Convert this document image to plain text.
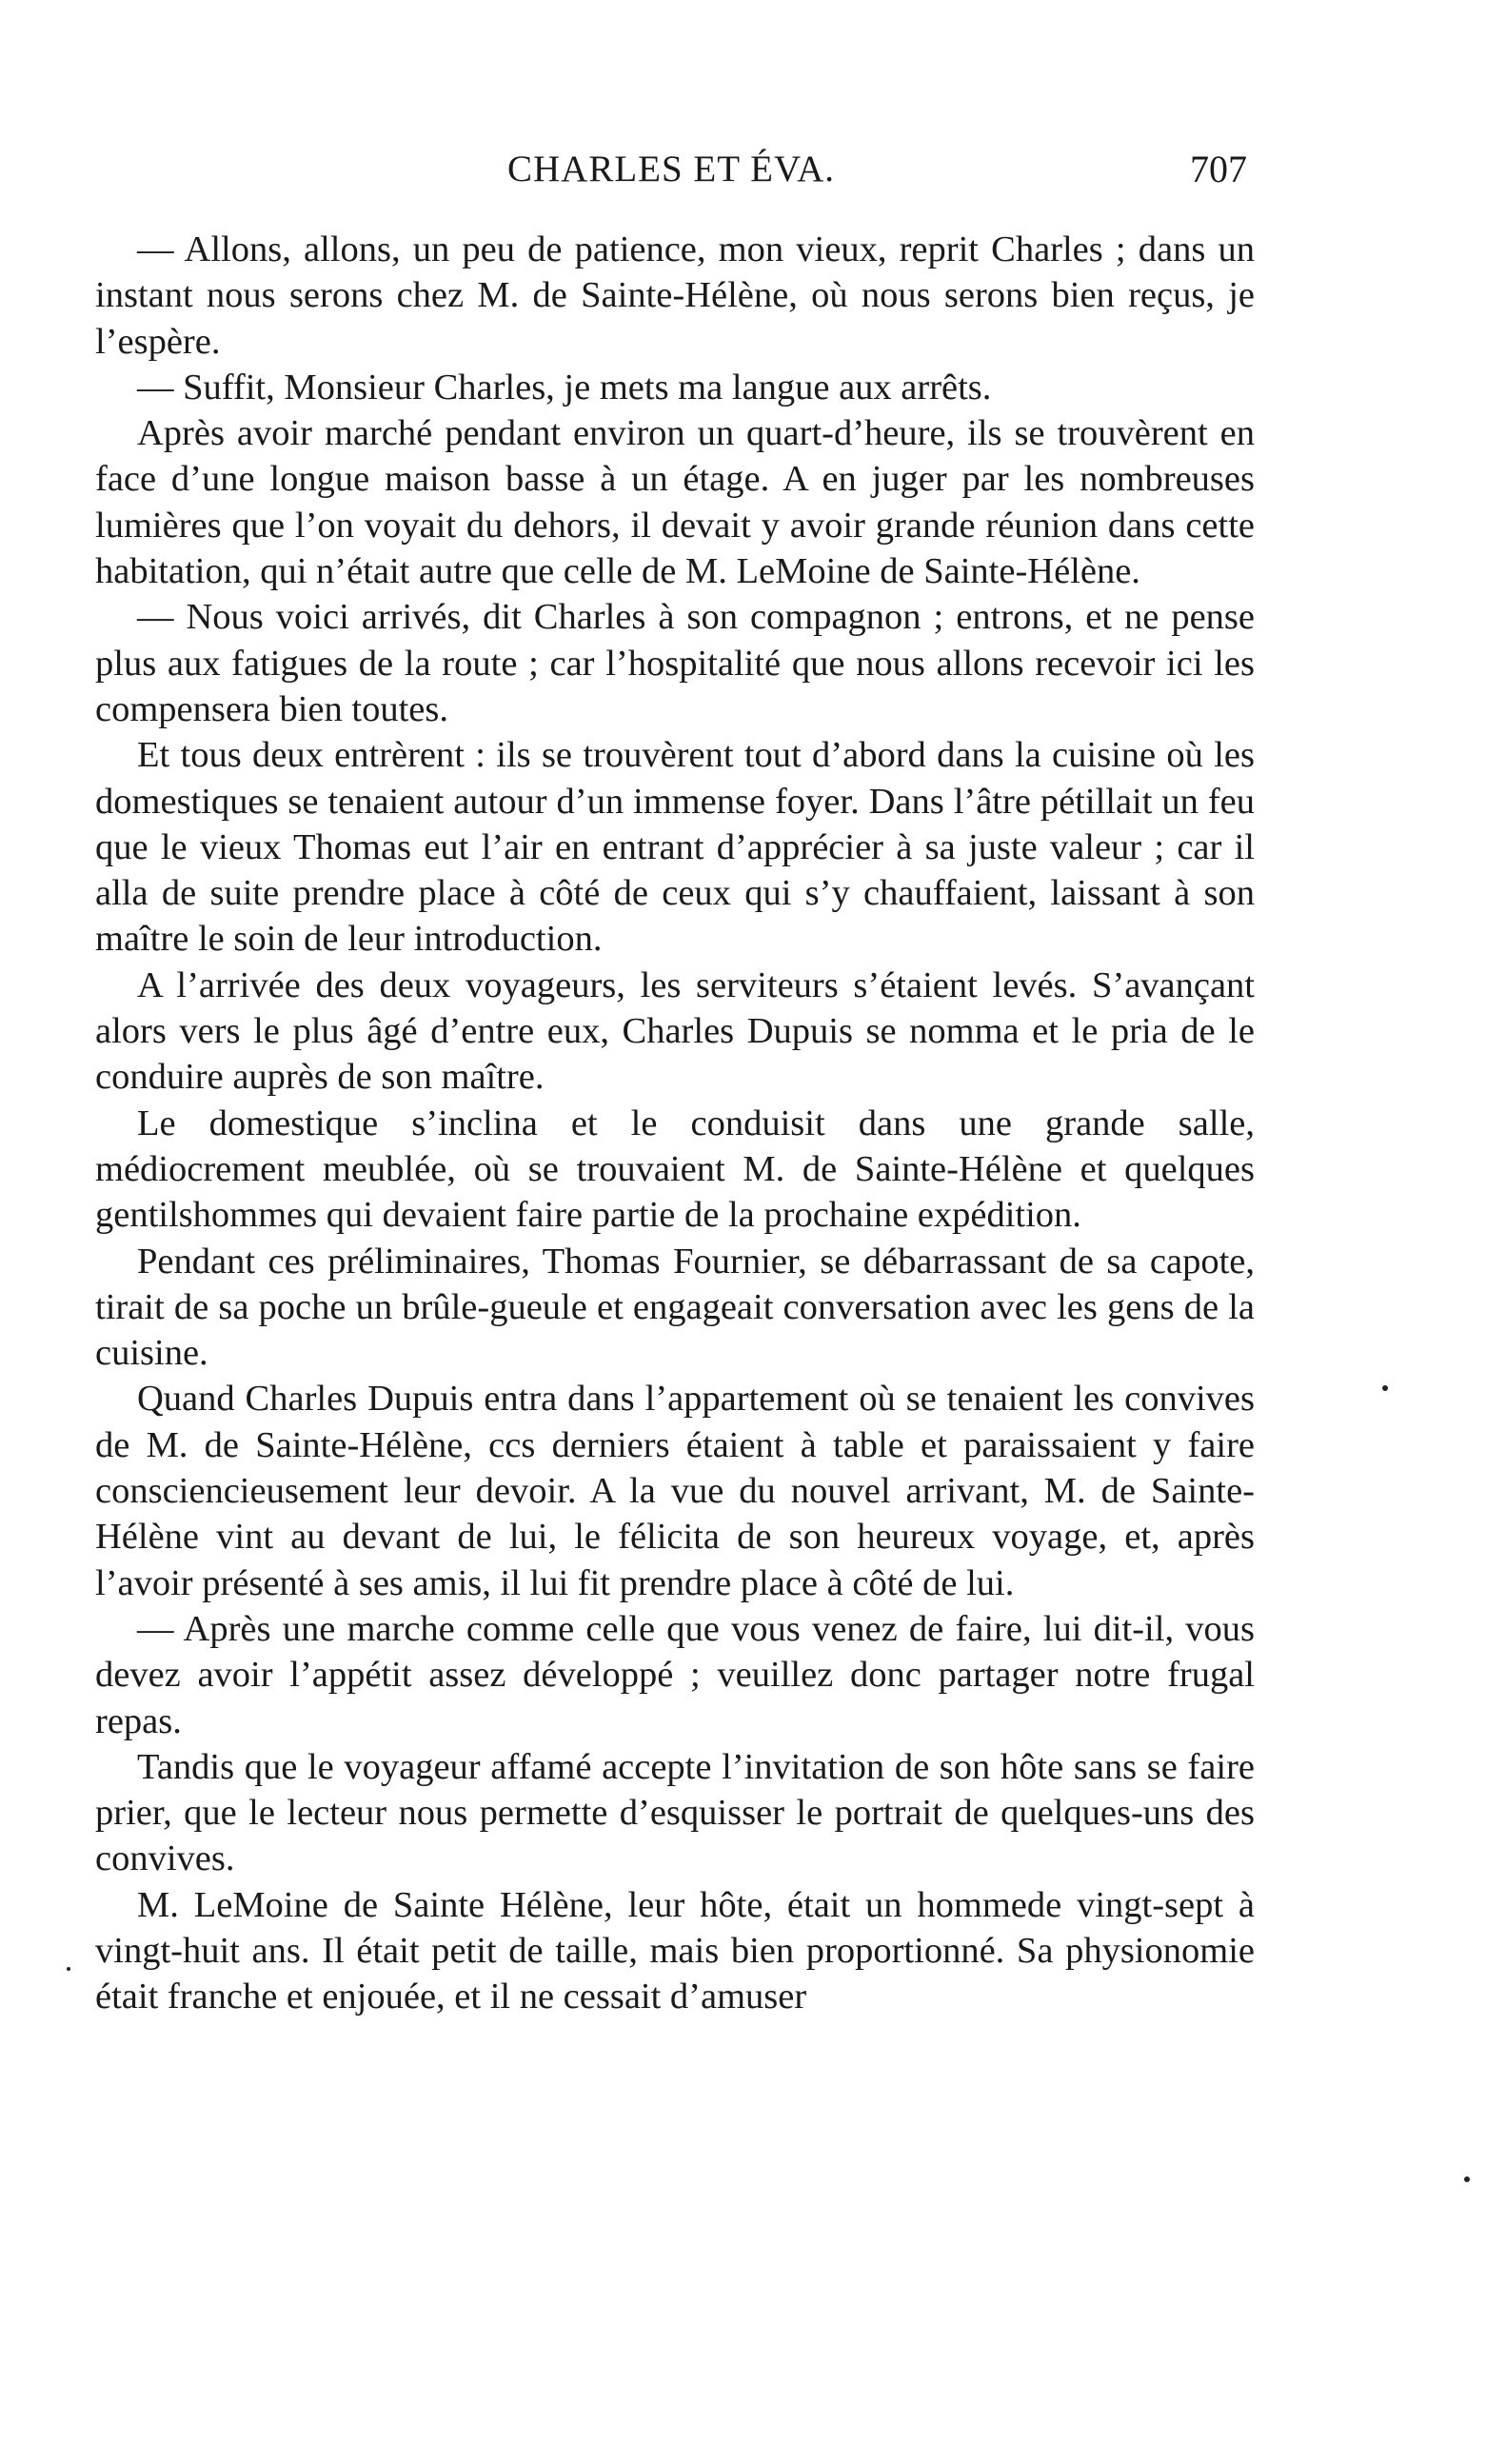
CHARLES ET ÉVA.	707

— Allons, allons, un peu de patience, mon vieux, reprit Charles ; dans un instant nous serons chez M. de Sainte-Hélène, où nous serons bien reçus, je l’espère.

— Suffit, Monsieur Charles, je mets ma langue aux arrêts.

Après avoir marché pendant environ un quart-d’heure, ils se trouvèrent en face d’une longue maison basse à un étage. A en juger par les nombreuses lumières que l’on voyait du dehors, il devait y avoir grande réunion dans cette habitation, qui n’était autre que celle de M. LeMoine de Sainte-Hélène.

— Nous voici arrivés, dit Charles à son compagnon ; entrons, et ne pense plus aux fatigues de la route ; car l’hospitalité que nous allons recevoir ici les compensera bien toutes.

Et tous deux entrèrent : ils se trouvèrent tout d’abord dans la cuisine où les domestiques se tenaient autour d’un immense foyer. Dans l’âtre pétillait un feu que le vieux Thomas eut l’air en entrant d’apprécier à sa juste valeur ; car il alla de suite prendre place à côté de ceux qui s’y chauffaient, laissant à son maître le soin de leur introduction.

A l’arrivée des deux voyageurs, les serviteurs s’étaient levés. S’avançant alors vers le plus âgé d’entre eux, Charles Dupuis se nomma et le pria de le conduire auprès de son maître.

Le domestique s’inclina et le conduisit dans une grande salle, médiocrement meublée, où se trouvaient M. de Sainte-Hélène et quelques gentilshommes qui devaient faire partie de la prochaine expédition.

Pendant ces préliminaires, Thomas Fournier, se débarrassant de sa capote, tirait de sa poche un brûle-gueule et engageait conversation avec les gens de la cuisine.

Quand Charles Dupuis entra dans l’appartement où se tenaient les convives de M. de Sainte-Hélène, ccs derniers étaient à table et paraissaient y faire consciencieusement leur devoir. A la vue du nouvel arrivant, M. de Sainte-Hélène vint au devant de lui, le félicita de son heureux voyage, et, après l’avoir présenté à ses amis, il lui fit prendre place à côté de lui.

— Après une marche comme celle que vous venez de faire, lui dit-il, vous devez avoir l’appétit assez développé ; veuillez donc partager notre frugal repas.

Tandis que le voyageur affamé accepte l’invitation de son hôte sans se faire prier, que le lecteur nous permette d’esquisser le portrait de quelques-uns des convives.

M. LeMoine de Sainte Hélène, leur hôte, était un hommede vingt-sept à vingt-huit ans. Il était petit de taille, mais bien proportionné. Sa physionomie était franche et enjouée, et il ne cessait d’amuser
